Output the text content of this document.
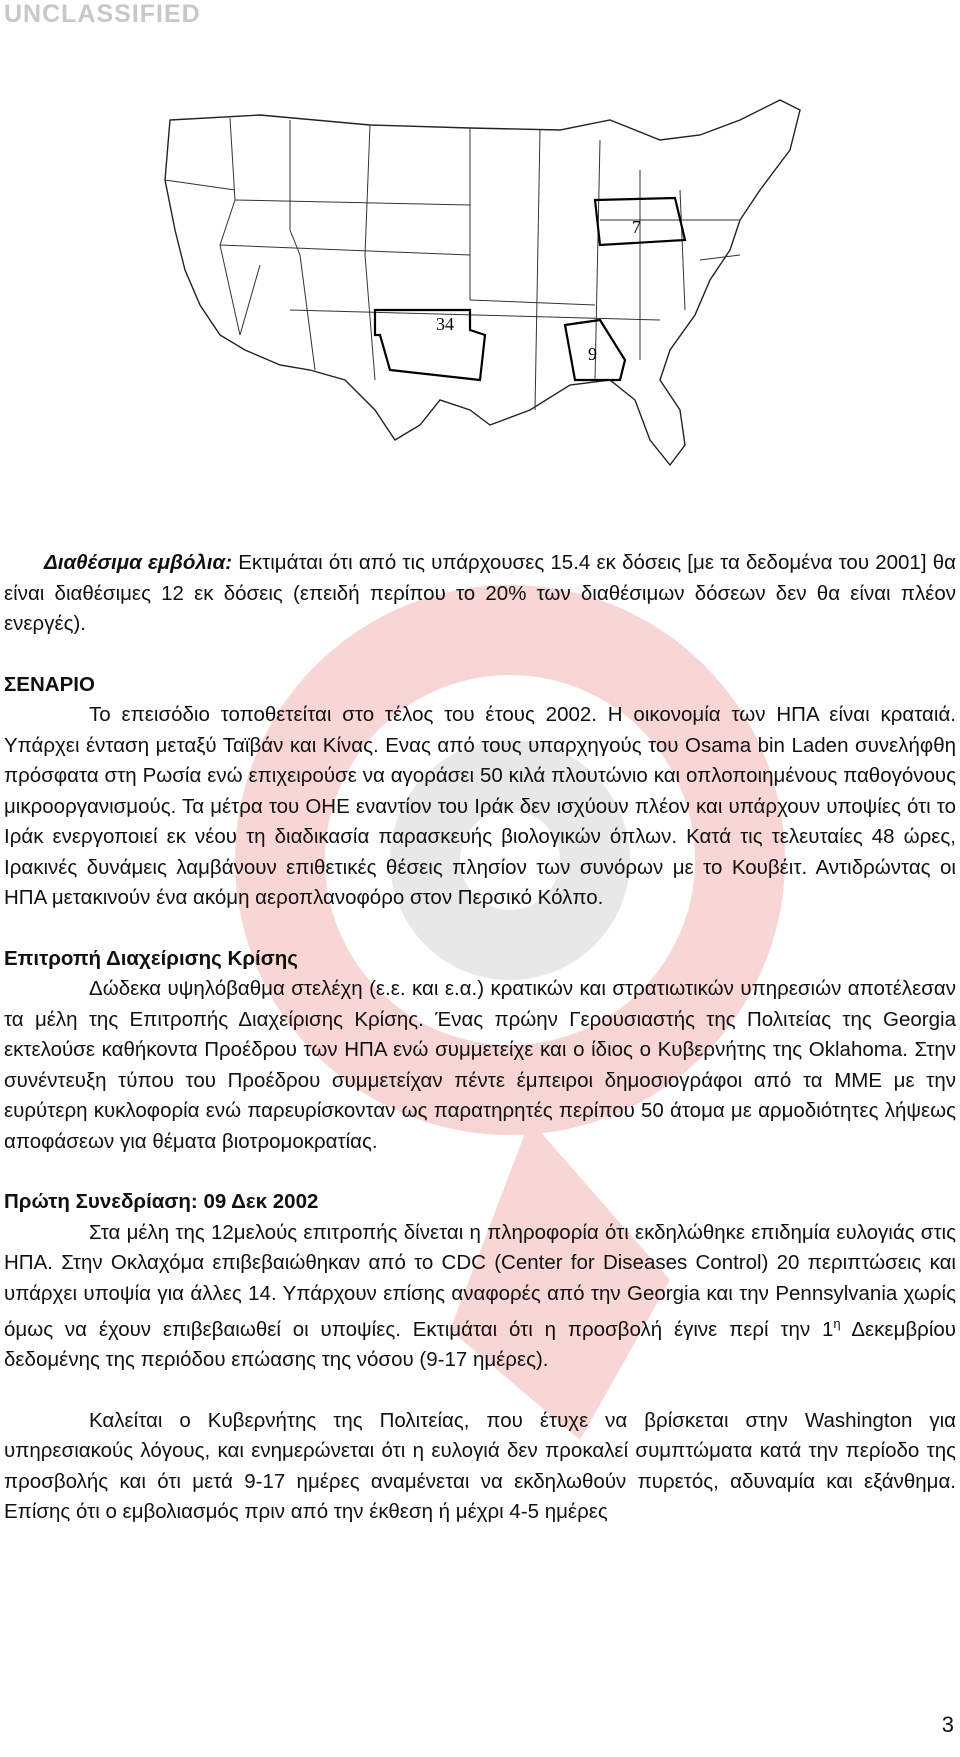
UNCLASSIFIED
7
34
9

Διαθέσιμα εμβόλια: Εκτιμάται ότι από τις υπάρχουσες 15.4 εκ δόσεις [με τα δεδομένα του 2001] θα είναι διαθέσιμες 12 εκ δόσεις (επειδή περίπου το 20% των διαθέσιμων δόσεων δεν θα είναι πλέον ενεργές).

ΣΕΝΑΡΙΟ

Το επεισόδιο τοποθετείται στο τέλος του έτους 2002. Η οικονομία των ΗΠΑ είναι κραταιά. Υπάρχει ένταση μεταξύ Ταϊβάν και Κίνας. Ενας από τους υπαρχηγούς του Osama bin Laden συνελήφθη πρόσφατα στη Ρωσία ενώ επιχειρούσε να αγοράσει 50 κιλά πλουτώνιο και οπλοποιημένους παθογόνους μικροοργανισμούς. Τα μέτρα του ΟΗΕ εναντίον του Ιράκ δεν ισχύουν πλέον και υπάρχουν υποψίες ότι το Ιράκ ενεργοποιεί εκ νέου τη διαδικασία παρασκευής βιολογικών όπλων. Κατά τις τελευταίες 48 ώρες, Ιρακινές δυνάμεις λαμβάνουν επιθετικές θέσεις πλησίον των συνόρων με το Κουβέιτ. Αντιδρώντας οι ΗΠΑ μετακινούν ένα ακόμη αεροπλανοφόρο στον Περσικό Κόλπο.

Επιτροπή Διαχείρισης Κρίσης

Δώδεκα υψηλόβαθμα στελέχη (ε.ε. και ε.α.) κρατικών και στρατιωτικών υπηρεσιών αποτέλεσαν τα μέλη της Επιτροπής Διαχείρισης Κρίσης. Ένας πρώην Γερουσιαστής της Πολιτείας της Georgia εκτελούσε καθήκοντα Προέδρου των ΗΠΑ ενώ συμμετείχε και ο ίδιος ο Κυβερνήτης της Oklahoma. Στην συνέντευξη τύπου του Προέδρου συμμετείχαν πέντε έμπειροι δημοσιογράφοι από τα ΜΜΕ με την ευρύτερη κυκλοφορία ενώ παρευρίσκονταν ως παρατηρητές περίπου 50 άτομα με αρμοδιότητες λήψεως αποφάσεων για θέματα βιοτρομοκρατίας.

Πρώτη Συνεδρίαση: 09 Δεκ 2002

Στα μέλη της 12μελούς επιτροπής δίνεται η πληροφορία ότι εκδηλώθηκε επιδημία ευλογιάς στις ΗΠΑ. Στην Οκλαχόμα επιβεβαιώθηκαν από το CDC (Center for Diseases Control) 20 περιπτώσεις και υπάρχει υποψία για άλλες 14. Υπάρχουν επίσης αναφορές από την Georgia και την Pennsylvania χωρίς όμως να έχουν επιβεβαιωθεί οι υποψίες. Εκτιμάται ότι η προσβολή έγινε περί την $1^\eta$ Δεκεμβρίου δεδομένης της περιόδου επώασης της νόσου (9-17 ημέρες).

Καλείται ο Κυβερνήτης της Πολιτείας, που έτυχε να βρίσκεται στην Washington για υπηρεσιακούς λόγους, και ενημερώνεται ότι η ευλογιά δεν προκαλεί συμπτώματα κατά την περίοδο της προσβολής και ότι μετά 9-17 ημέρες αναμένεται να εκδηλωθούν πυρετός, αδυναμία και εξάνθημα. Επίσης ότι ο εμβολιασμός πριν από την έκθεση ή μέχρι 4-5 ημέρες

3
